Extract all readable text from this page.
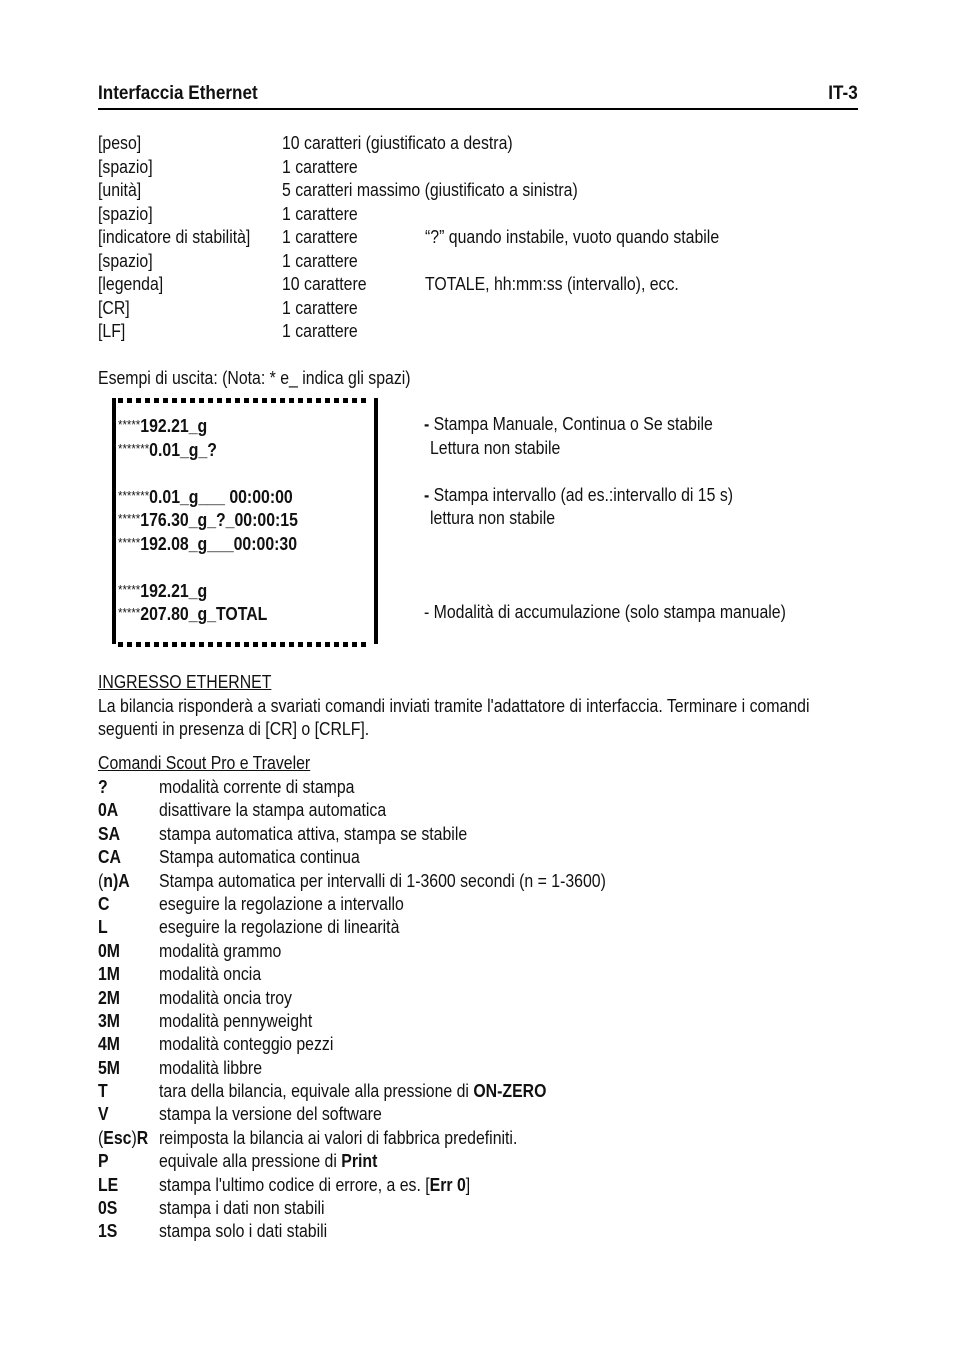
Interfaccia Ethernet	IT-3
[peso]	10 caratteri (giustificato a destra)
[spazio]	1 carattere
[unità]	5 caratteri massimo (giustificato a sinistra)
[spazio]	1 carattere
[indicatore di stabilità] 1 carattere	“?” quando instabile, vuoto quando stabile
[spazio]	1 carattere
[legenda]	10 carattere	TOTALE, hh:mm:ss (intervallo), ecc.
[CR]	1 carattere
[LF]	1 carattere
Esempi di uscita: (Nota: * e_ indica gli spazi)
*****192.21_g
*******0.01_g_?
*******0.01_g___ 00:00:00
*****176.30_g_?_00:00:15
*****192.08_g___00:00:30
*****192.21_g
*****207.80_g_TOTAL
- Stampa Manuale, Continua o Se stabile
Lettura non stabile
- Stampa intervallo (ad es.:intervallo di 15 s)
lettura non stabile
- Modalità di accumulazione (solo stampa manuale)
INGRESSO ETHERNET
La bilancia risponderà a svariati comandi inviati tramite l'adattatore di interfaccia. Terminare i comandi
seguenti in presenza di [CR] o [CRLF].
Comandi Scout Pro e Traveler
?	modalità corrente di stampa
0A disattivare la stampa automatica
SA stampa automatica attiva, stampa se stabile
CA Stampa automatica continua
(n)A Stampa automatica per intervalli di 1-3600 secondi (n = 1-3600)
C	eseguire la regolazione a intervallo
L	eseguire la regolazione di linearità
0M modalità grammo
1M modalità oncia
2M modalità oncia troy
3M modalità pennyweight
4M modalità conteggio pezzi
5M modalità libbre
T	tara della bilancia, equivale alla pressione di ON-ZERO
V	stampa la versione del software
(Esc)R reimposta la bilancia ai valori di fabbrica predefiniti.
P	equivale alla pressione di Print
LE stampa l'ultimo codice di errore, a es. [Err 0]
0S stampa i dati non stabili
1S stampa solo i dati stabili
